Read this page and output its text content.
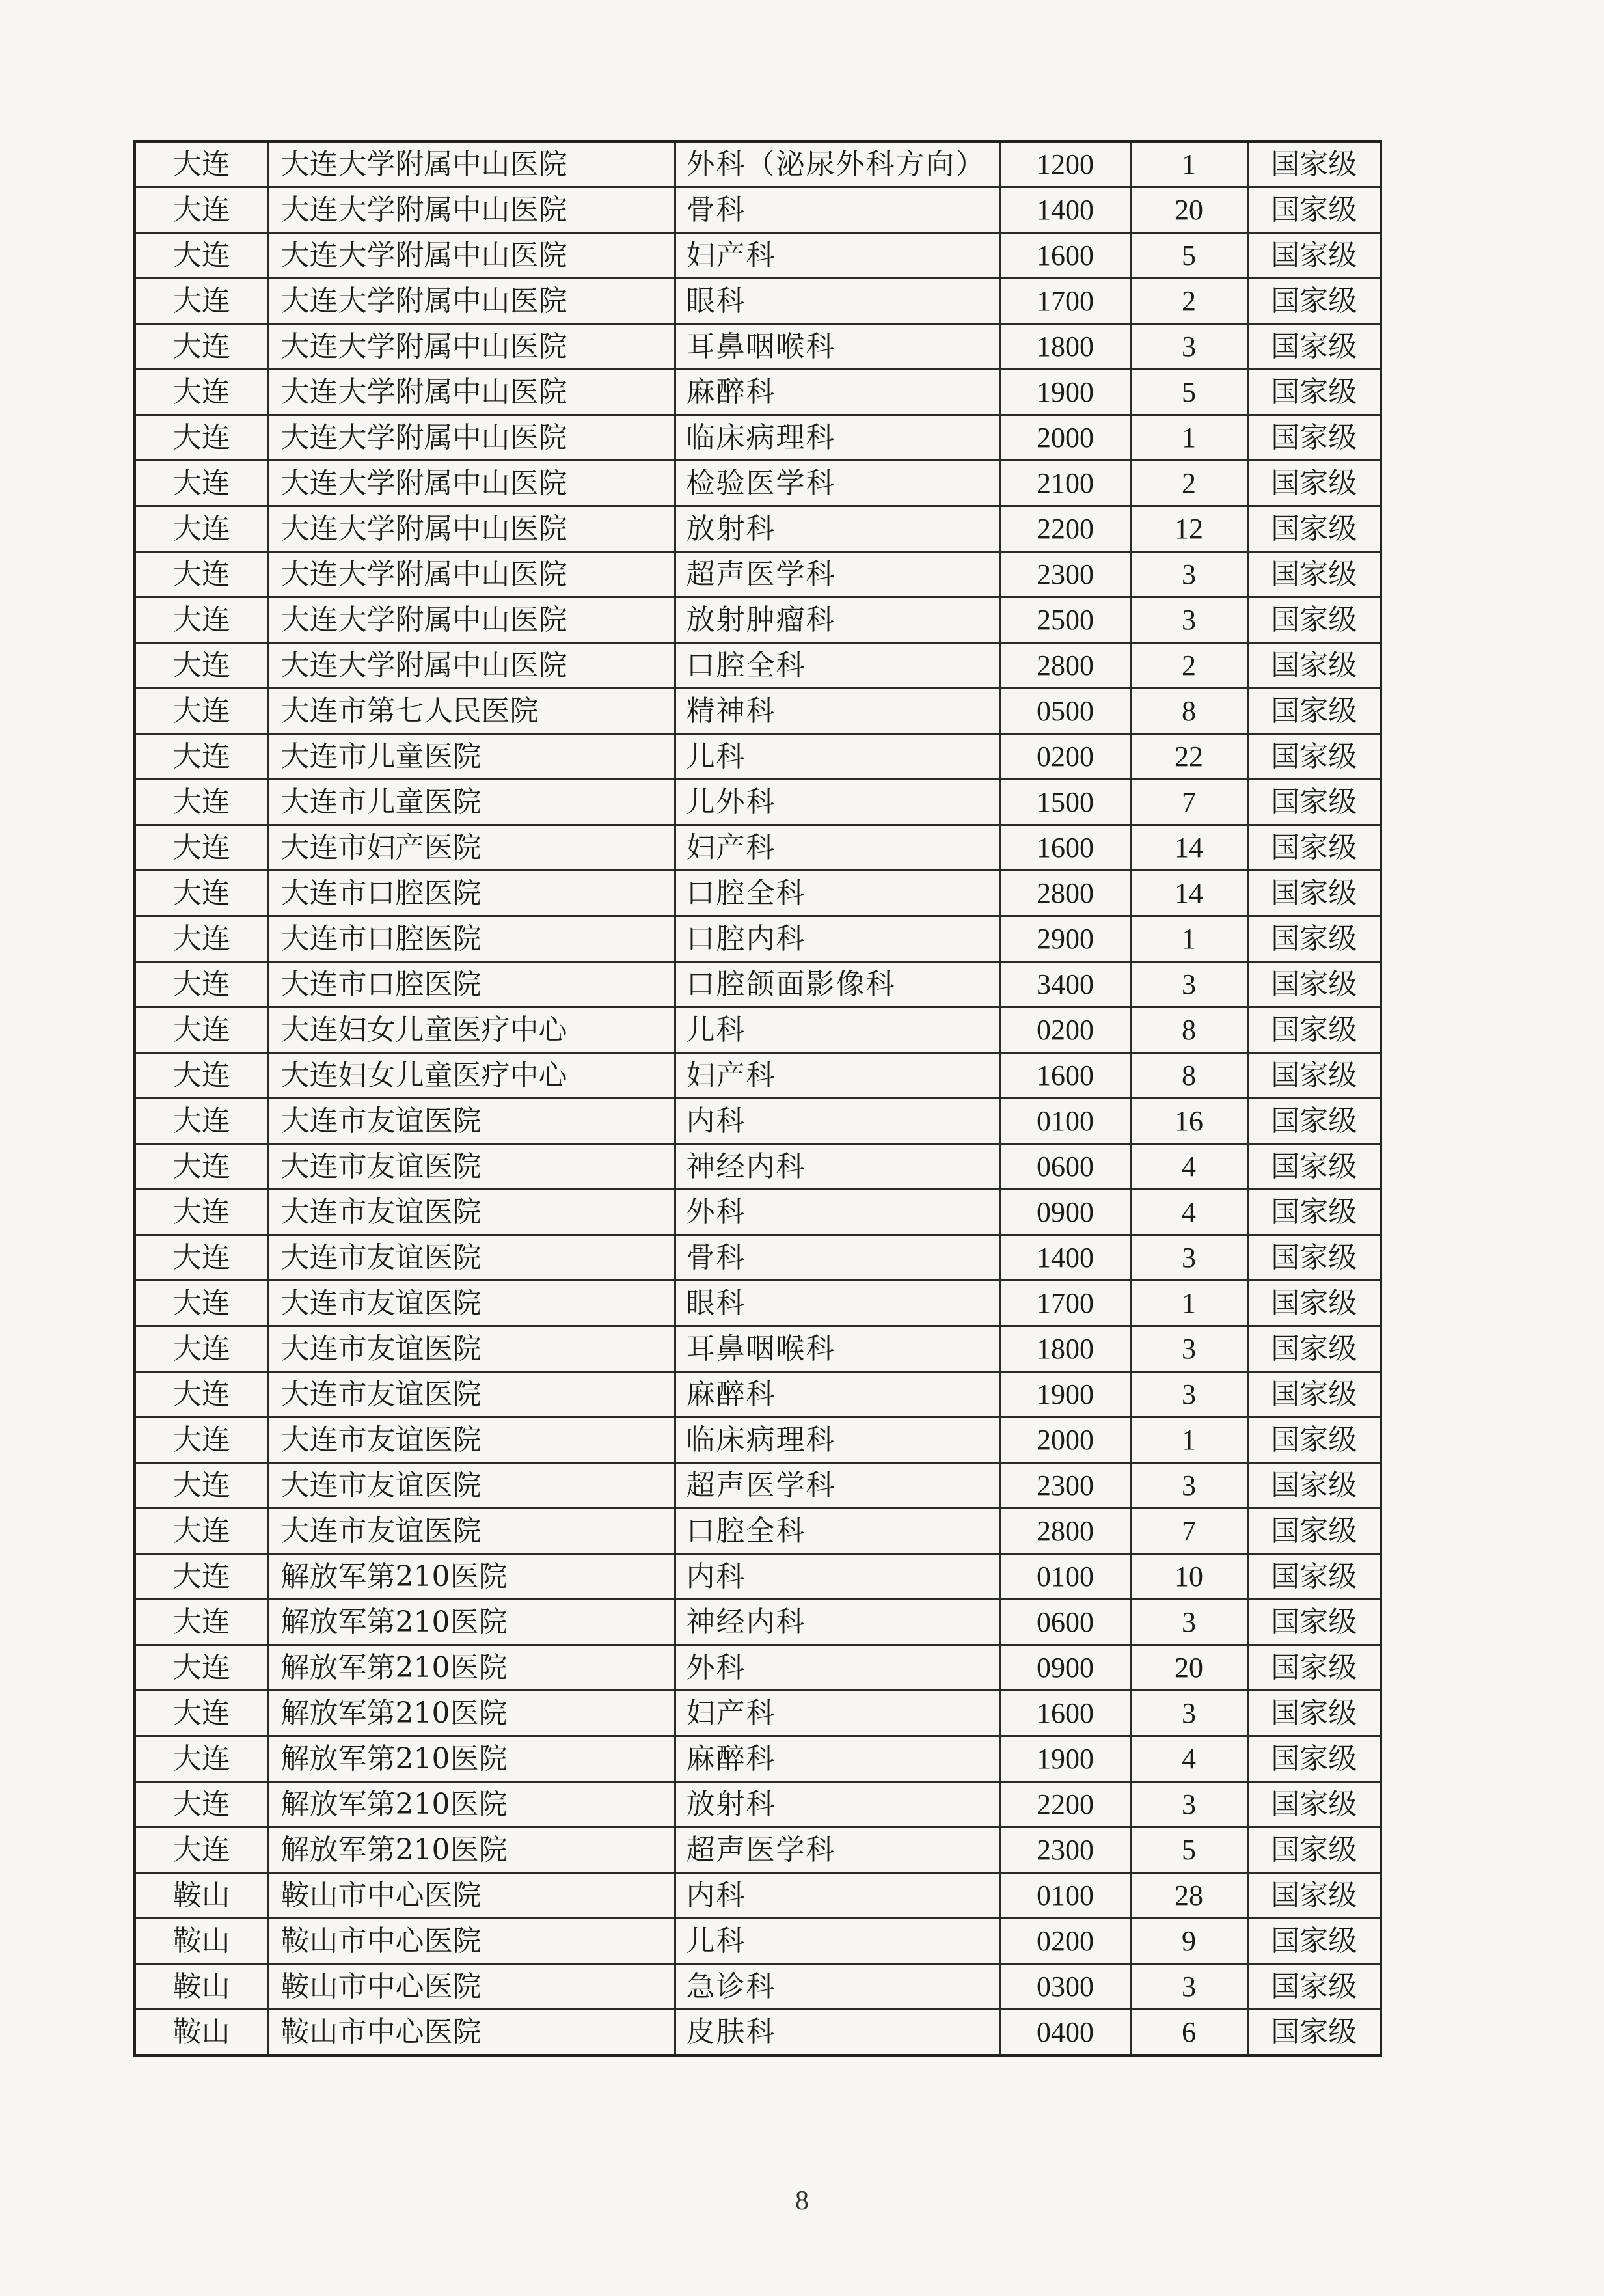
大连	大连大学附属中山医院	外科（泌尿外科方向）	1200	1	国家级
大连	大连大学附属中山医院	骨科	1400	20	国家级
大连	大连大学附属中山医院	妇产科	1600	5	国家级
大连	大连大学附属中山医院	眼科	1700	2	国家级
大连	大连大学附属中山医院	耳鼻咽喉科	1800	3	国家级
大连	大连大学附属中山医院	麻醉科	1900	5	国家级
大连	大连大学附属中山医院	临床病理科	2000	1	国家级
大连	大连大学附属中山医院	检验医学科	2100	2	国家级
大连	大连大学附属中山医院	放射科	2200	12	国家级
大连	大连大学附属中山医院	超声医学科	2300	3	国家级
大连	大连大学附属中山医院	放射肿瘤科	2500	3	国家级
大连	大连大学附属中山医院	口腔全科	2800	2	国家级
大连	大连市第七人民医院	精神科	0500	8	国家级
大连	大连市儿童医院	儿科	0200	22	国家级
大连	大连市儿童医院	儿外科	1500	7	国家级
大连	大连市妇产医院	妇产科	1600	14	国家级
大连	大连市口腔医院	口腔全科	2800	14	国家级
大连	大连市口腔医院	口腔内科	2900	1	国家级
大连	大连市口腔医院	口腔颌面影像科	3400	3	国家级
大连	大连妇女儿童医疗中心	儿科	0200	8	国家级
大连	大连妇女儿童医疗中心	妇产科	1600	8	国家级
大连	大连市友谊医院	内科	0100	16	国家级
大连	大连市友谊医院	神经内科	0600	4	国家级
大连	大连市友谊医院	外科	0900	4	国家级
大连	大连市友谊医院	骨科	1400	3	国家级
大连	大连市友谊医院	眼科	1700	1	国家级
大连	大连市友谊医院	耳鼻咽喉科	1800	3	国家级
大连	大连市友谊医院	麻醉科	1900	3	国家级
大连	大连市友谊医院	临床病理科	2000	1	国家级
大连	大连市友谊医院	超声医学科	2300	3	国家级
大连	大连市友谊医院	口腔全科	2800	7	国家级
大连	解放军第210医院	内科	0100	10	国家级
大连	解放军第210医院	神经内科	0600	3	国家级
大连	解放军第210医院	外科	0900	20	国家级
大连	解放军第210医院	妇产科	1600	3	国家级
大连	解放军第210医院	麻醉科	1900	4	国家级
大连	解放军第210医院	放射科	2200	3	国家级
大连	解放军第210医院	超声医学科	2300	5	国家级
鞍山	鞍山市中心医院	内科	0100	28	国家级
鞍山	鞍山市中心医院	儿科	0200	9	国家级
鞍山	鞍山市中心医院	急诊科	0300	3	国家级
鞍山	鞍山市中心医院	皮肤科	0400	6	国家级
8
